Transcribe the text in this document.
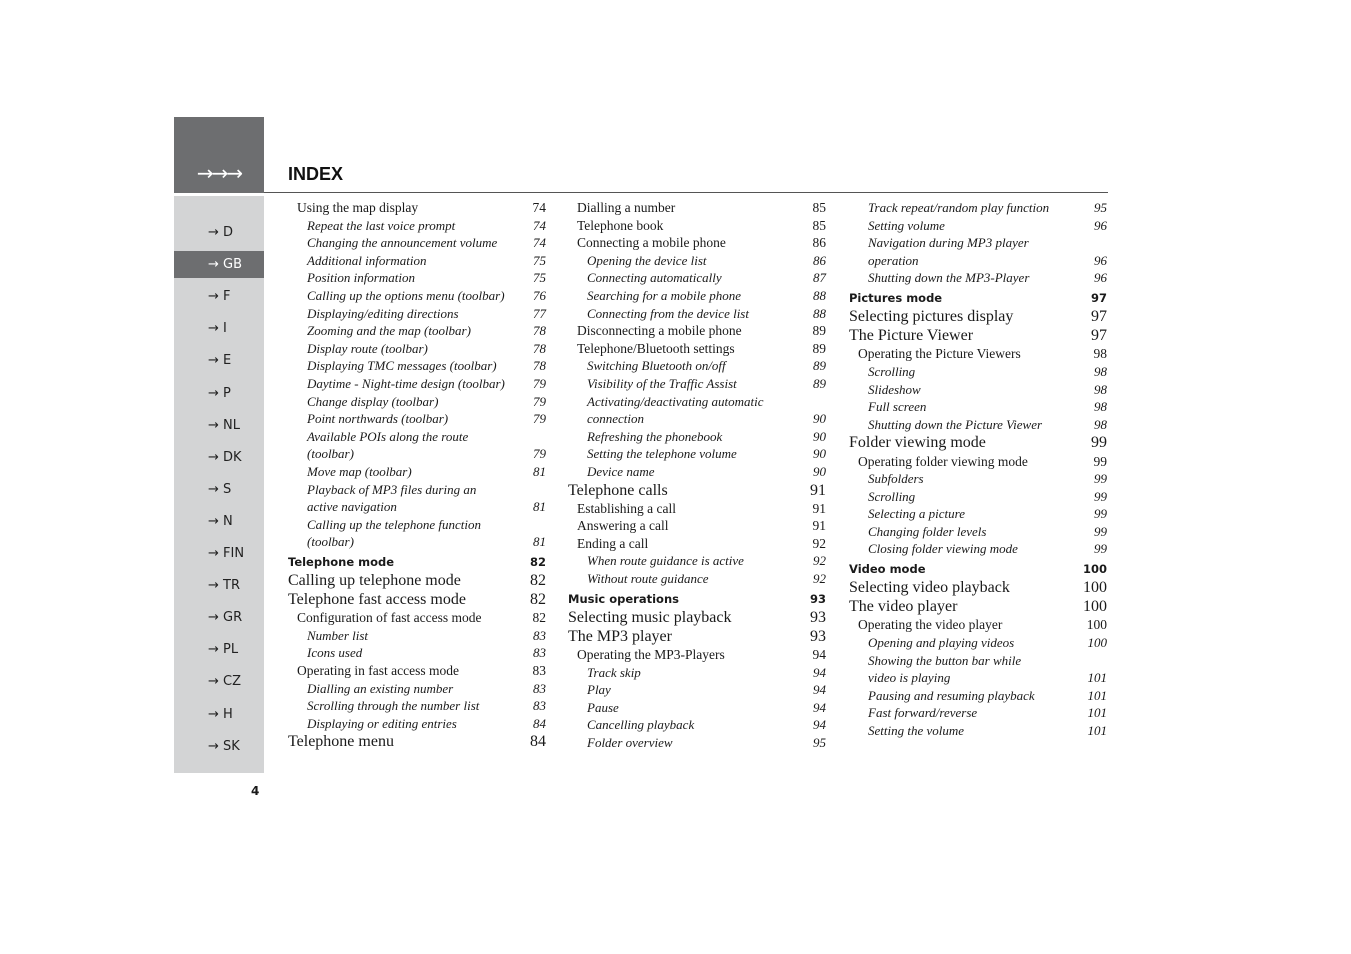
→→→	INDEX
→ D
→ GB
→ F
→ I
→ E
→ P
→ NL
→ DK
→ S
→ N
→ FIN
→ TR
→ GR
→ PL
→ CZ
→ H
→ SK
Using the map display	74
Repeat the last voice prompt	74
Changing the announcement volume	74
Additional information	75
Position information	75
Calling up the options menu (toolbar) 76
Displaying/editing directions	77
Zooming and the map (toolbar)	78
Display route (toolbar)	78
Displaying TMC messages (toolbar)	78
Daytime - Night-time design (toolbar) 79
Change display (toolbar)	79
Point northwards (toolbar)	79
Available POIs along the route
(toolbar)	79
Move map (toolbar)	81
Playback of MP3 files during an
active navigation	81
Calling up the telephone function
(toolbar)	81
Telephone mode	82
Calling up telephone mode	82
Telephone fast access mode	82
Configuration of fast access mode	82
Number list	83
Icons used	83
Operating in fast access mode	83
Dialling an existing number	83
Scrolling through the number list	83
Displaying or editing entries	84
Telephone menu	84
Dialling a number	85
Telephone book	85
Connecting a mobile phone	86
Opening the device list	86
Connecting automatically	87
Searching for a mobile phone	88
Connecting from the device list	88
Disconnecting a mobile phone	89
Telephone/Bluetooth settings	89
Switching Bluetooth on/off	89
Visibility of the Traffic Assist	89
Activating/deactivating automatic
connection	90
Refreshing the phonebook	90
Setting the telephone volume	90
Device name	90
Telephone calls	91
Establishing a call	91
Answering a call	91
Ending a call	92
When route guidance is active	92
Without route guidance	92
Music operations	93
Selecting music playback	93
The MP3 player	93
Operating the MP3-Players	94
Track skip	94
Play	94
Pause	94
Cancelling playback	94
Folder overview	95
Track repeat/random play function	95
Setting volume	96
Navigation during MP3 player
operation	96
Shutting down the MP3-Player	96
Pictures mode	97
Selecting pictures display	97
The Picture Viewer	97
Operating the Picture Viewers	98
Scrolling	98
Slideshow	98
Full screen	98
Shutting down the Picture Viewer	98
Folder viewing mode	99
Operating folder viewing mode	99
Subfolders	99
Scrolling	99
Selecting a picture	99
Changing folder levels	99
Closing folder viewing mode	99
Video mode	100
Selecting video playback	100
The video player	100
Operating the video player	100
Opening and playing videos	100
Showing the button bar while
video is playing	101
Pausing and resuming playback	101
Fast forward/reverse	101
Setting the volume	101
4
